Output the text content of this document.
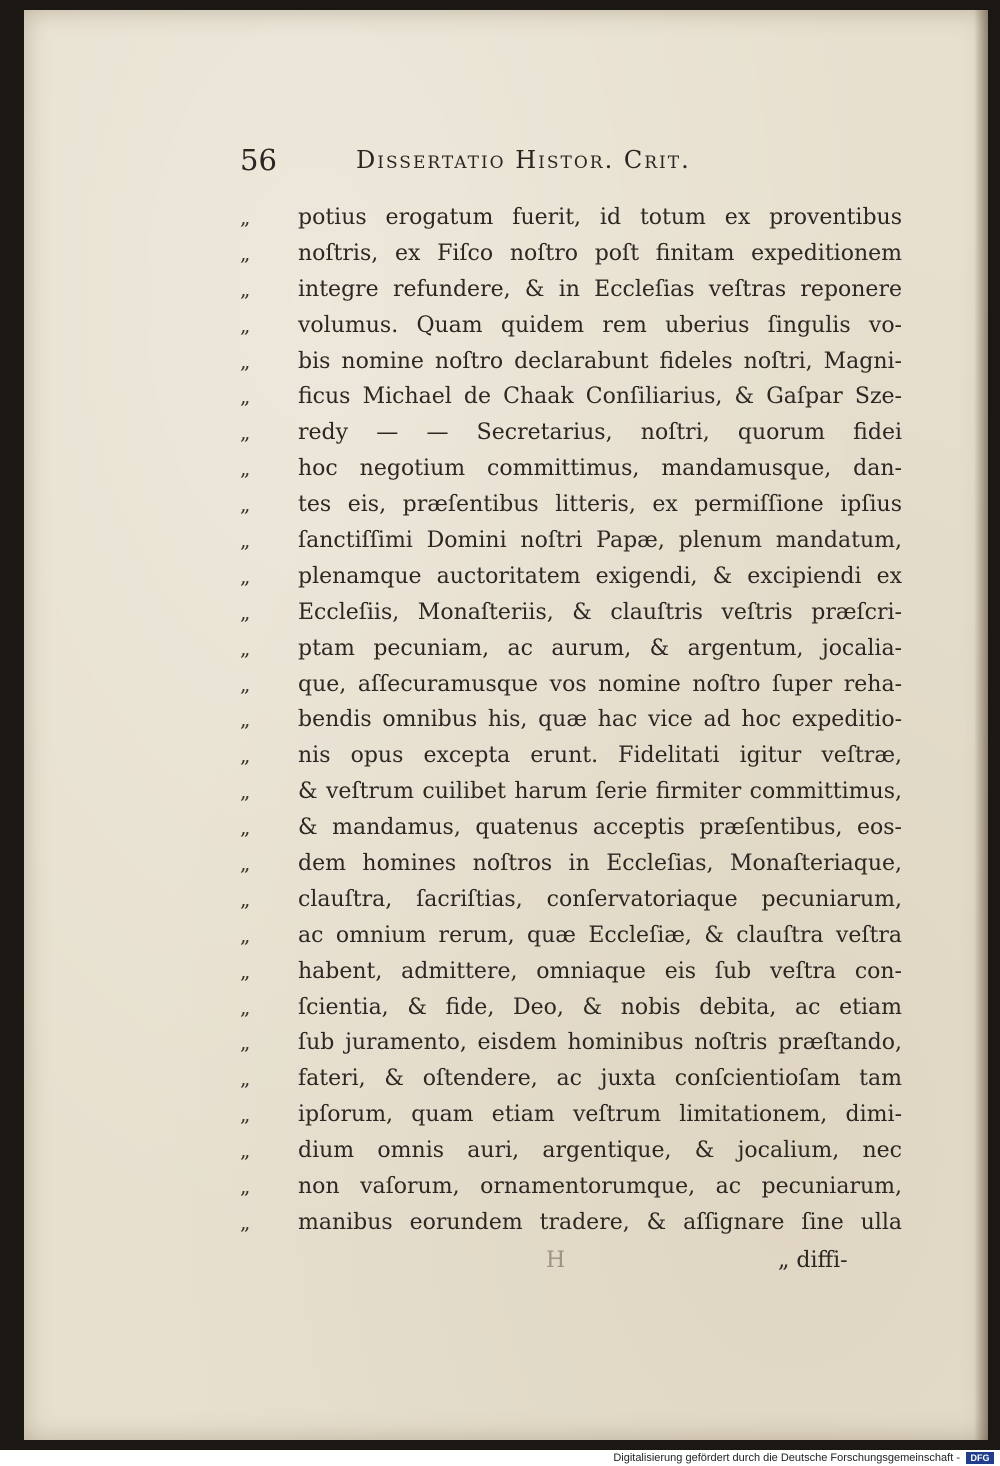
56	Dissertatio Histor. Crit.
„	potius erogatum fuerit, id totum ex proventibus
„	noſtris, ex Fiſco noſtro poſt finitam expeditionem
„	integre refundere, & in Eccleſias veſtras reponere
„	volumus. Quam quidem rem uberius ſingulis vo-
„	bis nomine noſtro declarabunt fideles noſtri, Magni-
„	ficus Michael de Chaak Conſiliarius, & Gaſpar Sze-
„	redy — — Secretarius, noſtri, quorum fidei
„	hoc negotium committimus, mandamusque, dan-
„	tes eis, præſentibus litteris, ex permiſſione ipſius
„	ſanctiſſimi Domini noſtri Papæ, plenum mandatum,
„	plenamque auctoritatem exigendi, & excipiendi ex
„	Eccleſiis, Monaſteriis, & clauſtris veſtris præſcri-
„	ptam pecuniam, ac aurum, & argentum, jocalia-
„	que, aſſecuramusque vos nomine noſtro ſuper reha-
„	bendis omnibus his, quæ hac vice ad hoc expeditio-
„	nis opus excepta erunt. Fidelitati igitur veſtræ,
„	& veſtrum cuilibet harum ſerie firmiter committimus,
„	& mandamus, quatenus acceptis præſentibus, eos-
„	dem homines noſtros in Eccleſias, Monaſteriaque,
„	clauſtra, ſacriſtias, conſervatoriaque pecuniarum,
„	ac omnium rerum, quæ Eccleſiæ, & clauſtra veſtra
„	habent, admittere, omniaque eis ſub veſtra con-
„	ſcientia, & fide, Deo, & nobis debita, ac etiam
„	ſub juramento, eisdem hominibus noſtris præſtando,
„	fateri, & oſtendere, ac juxta conſcientioſam tam
„	ipſorum, quam etiam veſtrum limitationem, dimi-
„	dium omnis auri, argentique, & jocalium, nec
„	non vaſorum, ornamentorumque, ac pecuniarum,
„	manibus eorundem tradere, & aſſignare ſine ulla
H	„ diffi-
Digitalisierung gefördert durch die Deutsche Forschungsgemeinschaft -	DFG
